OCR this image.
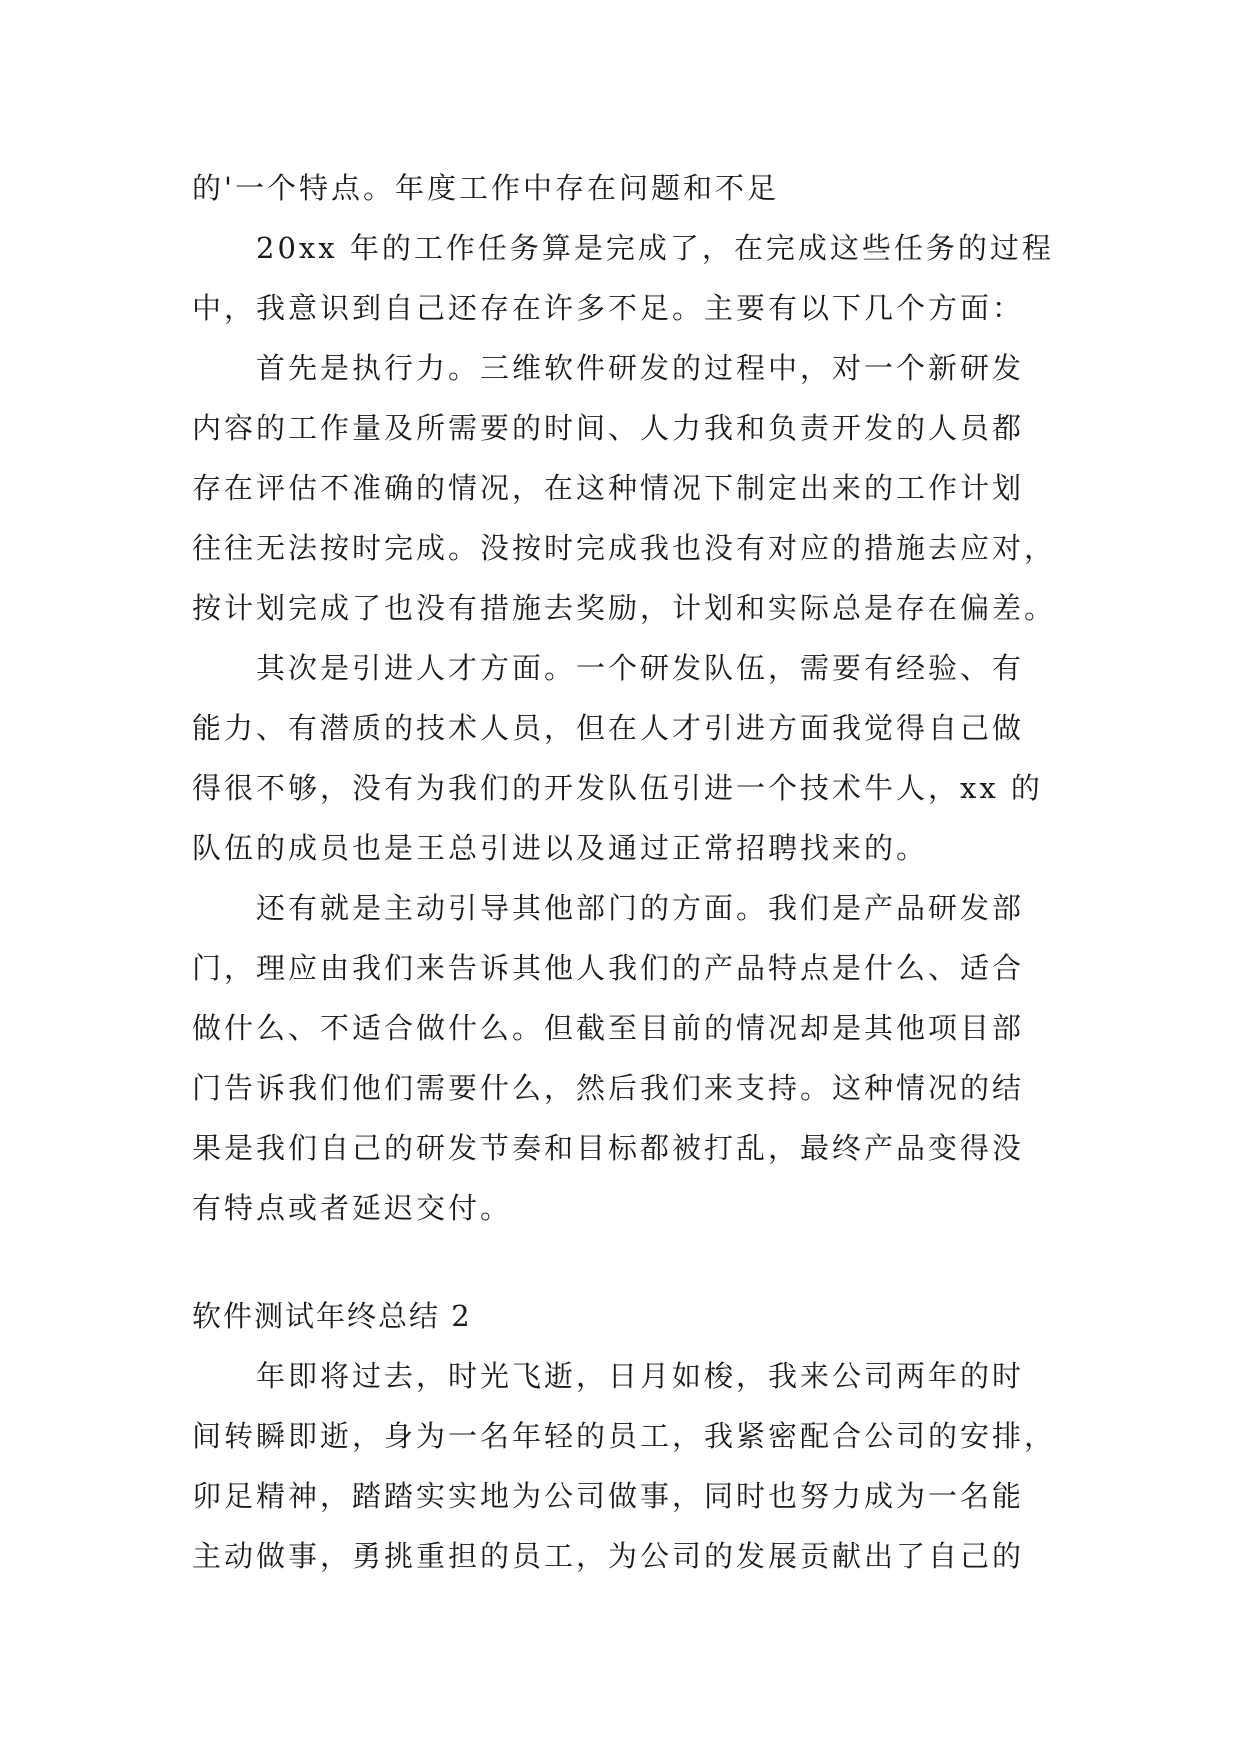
的'一个特点。年度工作中存在问题和不足
20xx 年的工作任务算是完成了，在完成这些任务的过程
中，我意识到自己还存在许多不足。主要有以下几个方面：
首先是执行力。三维软件研发的过程中，对一个新研发
内容的工作量及所需要的时间、人力我和负责开发的人员都
存在评估不准确的情况，在这种情况下制定出来的工作计划
往往无法按时完成。没按时完成我也没有对应的措施去应对，
按计划完成了也没有措施去奖励，计划和实际总是存在偏差。
其次是引进人才方面。一个研发队伍，需要有经验、有
能力、有潜质的技术人员，但在人才引进方面我觉得自己做
得很不够，没有为我们的开发队伍引进一个技术牛人，xx 的
队伍的成员也是王总引进以及通过正常招聘找来的。
还有就是主动引导其他部门的方面。我们是产品研发部
门，理应由我们来告诉其他人我们的产品特点是什么、适合
做什么、不适合做什么。但截至目前的情况却是其他项目部
门告诉我们他们需要什么，然后我们来支持。这种情况的结
果是我们自己的研发节奏和目标都被打乱，最终产品变得没
有特点或者延迟交付。
软件测试年终总结 2
年即将过去，时光飞逝，日月如梭，我来公司两年的时
间转瞬即逝，身为一名年轻的员工，我紧密配合公司的安排，
卯足精神，踏踏实实地为公司做事，同时也努力成为一名能
主动做事，勇挑重担的员工，为公司的发展贡献出了自己的
